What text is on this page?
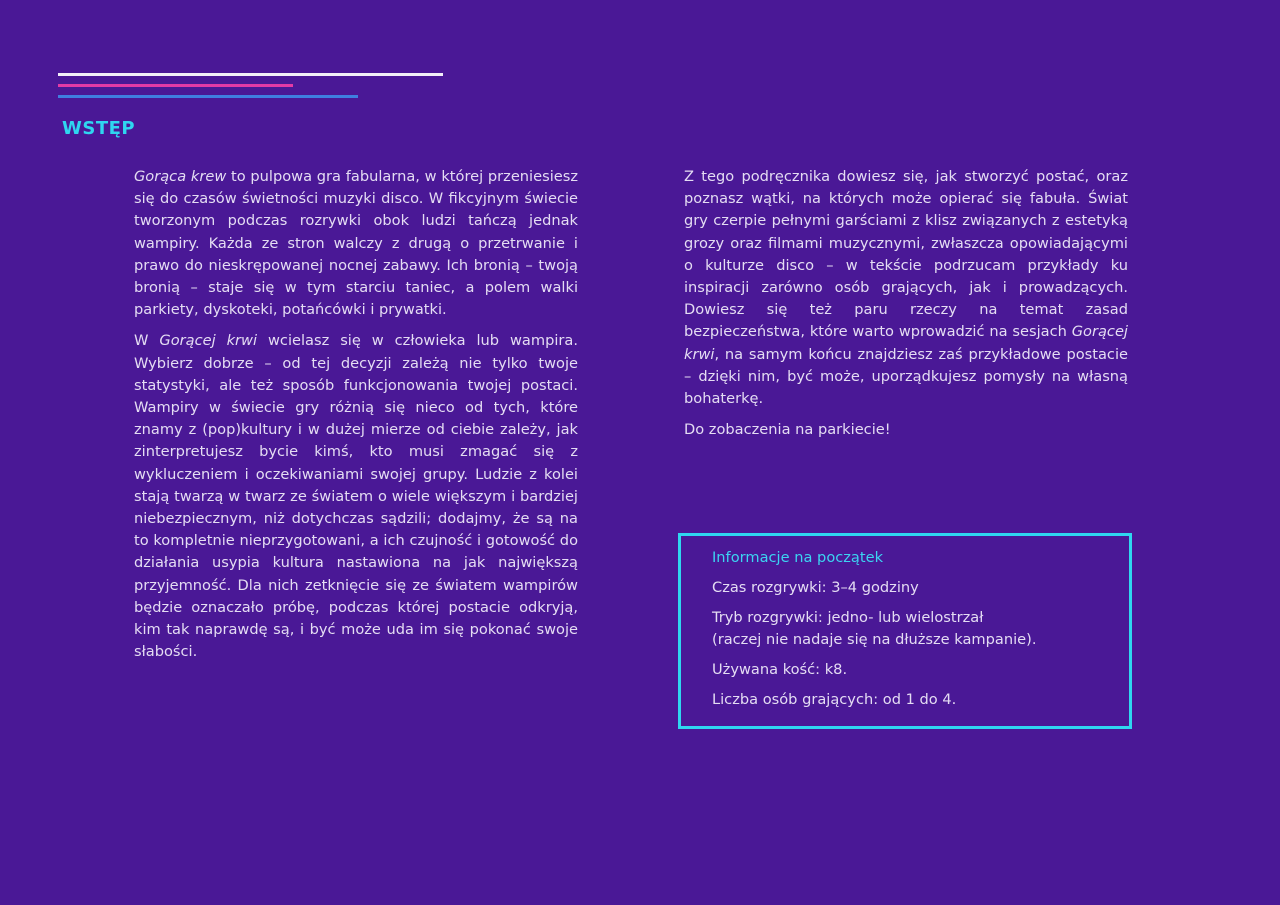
WSTĘP

Gorąca krew to pulpowa gra fabularna, w której przeniesiesz się do czasów świetności muzyki disco. W fikcyjnym świecie tworzonym podczas rozrywki obok ludzi tańczą jednak wampiry. Każda ze stron walczy z drugą o przetrwanie i prawo do nieskrępowanej nocnej zabawy. Ich bronią – twoją bronią – staje się w tym starciu taniec, a polem walki parkiety, dyskoteki, potańcówki i prywatki.

W Gorącej krwi wcielasz się w człowieka lub wampira. Wybierz dobrze – od tej decyzji zależą nie tylko twoje statystyki, ale też sposób funkcjonowania twojej postaci. Wampiry w świecie gry różnią się nieco od tych, które znamy z (pop)kultury i w dużej mierze od ciebie zależy, jak zinterpretujesz bycie kimś, kto musi zmagać się z wykluczeniem i oczekiwaniami swojej grupy. Ludzie z kolei stają twarzą w twarz ze światem o wiele większym i bardziej niebezpiecznym, niż dotychczas sądzili; dodajmy, że są na to kompletnie nieprzygotowani, a ich czujność i gotowość do działania usypia kultura nastawiona na jak największą przyjemność. Dla nich zetknięcie się ze światem wampirów będzie oznaczało próbę, podczas której postacie odkryją, kim tak naprawdę są, i być może uda im się pokonać swoje słabości.

Z tego podręcznika dowiesz się, jak stworzyć postać, oraz poznasz wątki, na których może opierać się fabuła. Świat gry czerpie pełnymi garściami z klisz związanych z estetyką grozy oraz filmami muzycznymi, zwłaszcza opowiadającymi o kulturze disco – w tekście podrzucam przykłady ku inspiracji zarówno osób grających, jak i prowadzących. Dowiesz się też paru rzeczy na temat zasad bezpieczeństwa, które warto wprowadzić na sesjach Gorącej krwi, na samym końcu znajdziesz zaś przykładowe postacie – dzięki nim, być może, uporządkujesz pomysły na własną bohaterkę.

Do zobaczenia na parkiecie!

Informacje na początek

Czas rozgrywki: 3–4 godziny

Tryb rozgrywki: jedno- lub wielostrzał
(raczej nie nadaje się na dłuższe kampanie).

Używana kość: k8.

Liczba osób grających: od 1 do 4.
